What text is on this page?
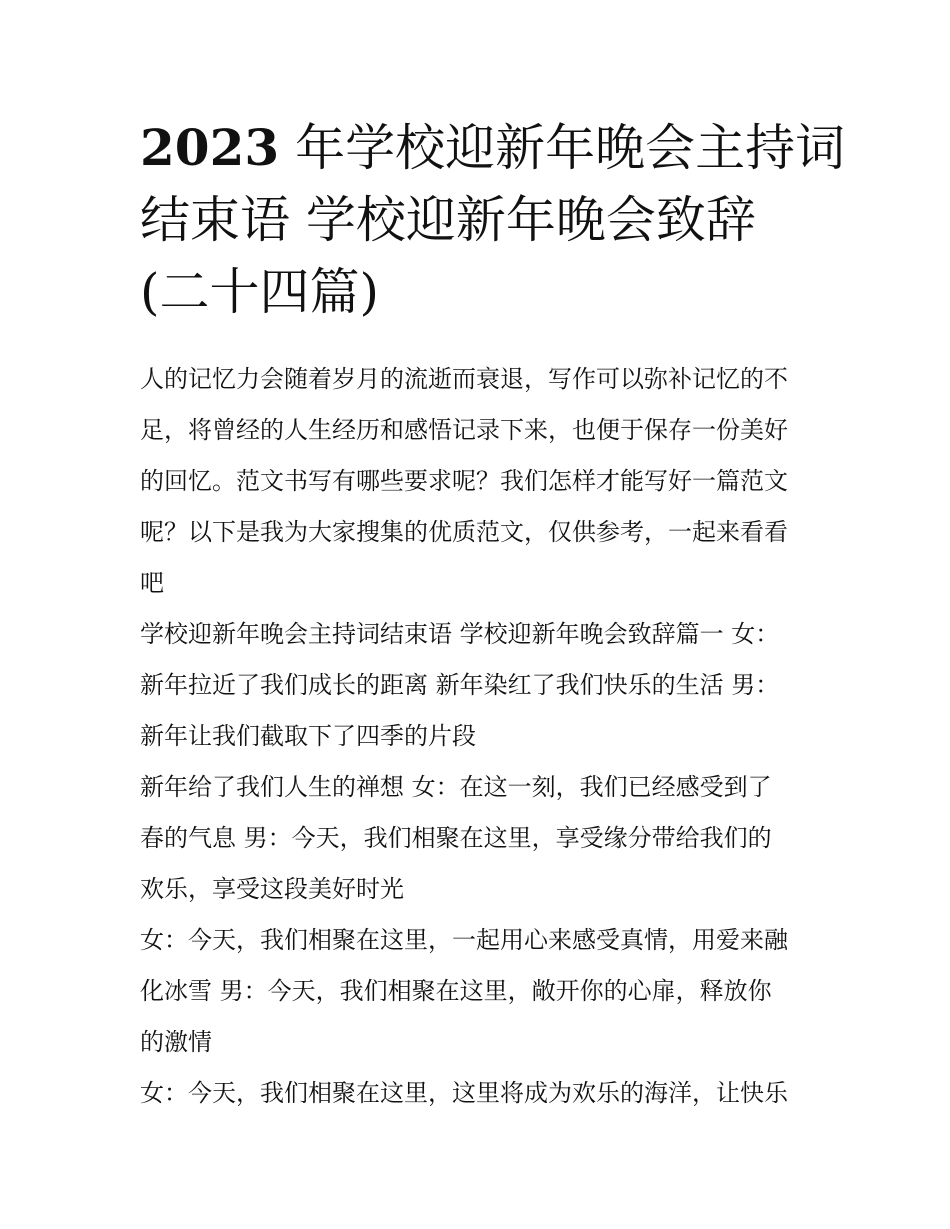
2023 年学校迎新年晚会主持词
结束语 学校迎新年晚会致辞
(二十四篇)
人的记忆力会随着岁月的流逝而衰退，写作可以弥补记忆的不
足，将曾经的人生经历和感悟记录下来，也便于保存一份美好
的回忆。范文书写有哪些要求呢？我们怎样才能写好一篇范文
呢？以下是我为大家搜集的优质范文，仅供参考，一起来看看
吧
学校迎新年晚会主持词结束语 学校迎新年晚会致辞篇一 女：
新年拉近了我们成长的距离 新年染红了我们快乐的生活 男：
新年让我们截取下了四季的片段
新年给了我们人生的禅想 女：在这一刻，我们已经感受到了
春的气息 男：今天，我们相聚在这里，享受缘分带给我们的
欢乐，享受这段美好时光
女：今天，我们相聚在这里，一起用心来感受真情，用爱来融
化冰雪 男：今天，我们相聚在这里，敞开你的心扉，释放你
的激情
女：今天，我们相聚在这里，这里将成为欢乐的海洋，让快乐
